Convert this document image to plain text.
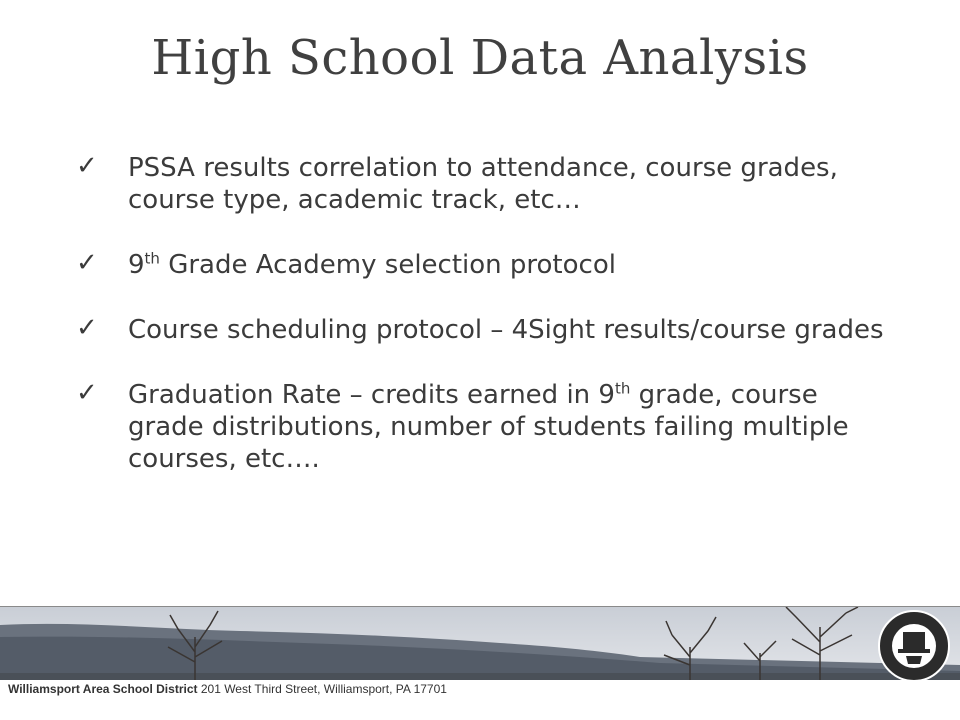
High School Data Analysis
✓ PSSA results correlation to attendance, course grades, course type, academic track, etc…
✓ 9th Grade Academy selection protocol
✓ Course scheduling protocol – 4Sight results/course grades
✓ Graduation Rate – credits earned in 9th grade, course grade distributions, number of students failing multiple courses, etc….
Williamsport Area School District 201 West Third Street, Williamsport, PA 17701
